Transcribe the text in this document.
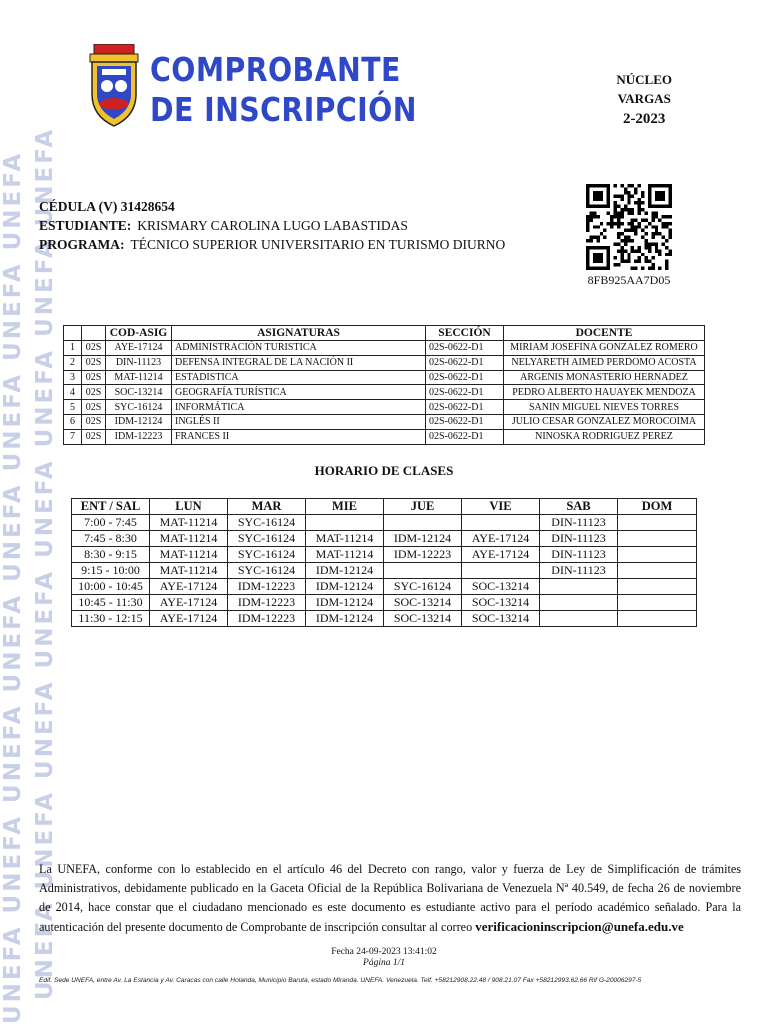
UNEFA UNEFA UNEFA UNEFA UNEFA UNEFA UNEFA UNEFA UNEFA UNEFA UNEFA UNEFA UNEFA UNEFA UNEFA UNEFA
COMPROBANTE
DE INSCRIPCIÓN
NÚCLEO
VARGAS
2-2023
CÉDULA (V) 31428654
ESTUDIANTE: KRISMARY CAROLINA LUGO LABASTIDAS
PROGRAMA: TÉCNICO SUPERIOR UNIVERSITARIO EN TURISMO DIURNO
8FB925AA7D05
		COD-ASIG	ASIGNATURAS	SECCIÓN	DOCENTE
1	02S	AYE-17124	ADMINISTRACIÓN TURISTICA	02S-0622-D1	MIRIAM JOSEFINA GONZALEZ ROMERO
2	02S	DIN-11123	DEFENSA INTEGRAL DE LA NACIÓN II	02S-0622-D1	NELYARETH AIMED PERDOMO ACOSTA
3	02S	MAT-11214	ESTADISTICA	02S-0622-D1	ARGENIS MONASTERIO HERNADEZ
4	02S	SOC-13214	GEOGRAFÍA TURÍSTICA	02S-0622-D1	PEDRO ALBERTO HAUAYEK MENDOZA
5	02S	SYC-16124	INFORMÁTICA	02S-0622-D1	SANIN MIGUEL NIEVES TORRES
6	02S	IDM-12124	INGLÉS II	02S-0622-D1	JULIO CESAR GONZALEZ MOROCOIMA
7	02S	IDM-12223	FRANCES II	02S-0622-D1	NINOSKA RODRIGUEZ PEREZ
HORARIO DE CLASES
ENT / SAL	LUN	MAR	MIE	JUE	VIE	SAB	DOM
7:00 - 7:45	MAT-11214	SYC-16124				DIN-11123	
7:45 - 8:30	MAT-11214	SYC-16124	MAT-11214	IDM-12124	AYE-17124	DIN-11123	
8:30 - 9:15	MAT-11214	SYC-16124	MAT-11214	IDM-12223	AYE-17124	DIN-11123	
9:15 - 10:00	MAT-11214	SYC-16124	IDM-12124			DIN-11123	
10:00 - 10:45	AYE-17124	IDM-12223	IDM-12124	SYC-16124	SOC-13214		
10:45 - 11:30	AYE-17124	IDM-12223	IDM-12124	SOC-13214	SOC-13214		
11:30 - 12:15	AYE-17124	IDM-12223	IDM-12124	SOC-13214	SOC-13214		
La UNEFA, conforme con lo establecido en el artículo 46 del Decreto con rango, valor y fuerza de Ley de Simplificación de trámites Administrativos, debidamente publicado en la Gaceta Oficial de la República Bolivariana de Venezuela Nª 40.549, de fecha 26 de noviembre de 2014, hace constar que el ciudadano mencionado es este documento es estudiante activo para el período académico señalado. Para la autenticación del presente documento de Comprobante de inscripción consultar al correo verificacioninscripcion@unefa.edu.ve
Fecha 24-09-2023 13:41:02
Página 1/1
Edif. Sede UNEFA, entre Av. La Estancia y Av. Caracas con calle Holanda, Municipio Baruta, estado Miranda. UNEFA. Venezuela. Telf. +58212908.22.48 / 908.21.07 Fax +58212993.62.66 Rif G-20006297-5
